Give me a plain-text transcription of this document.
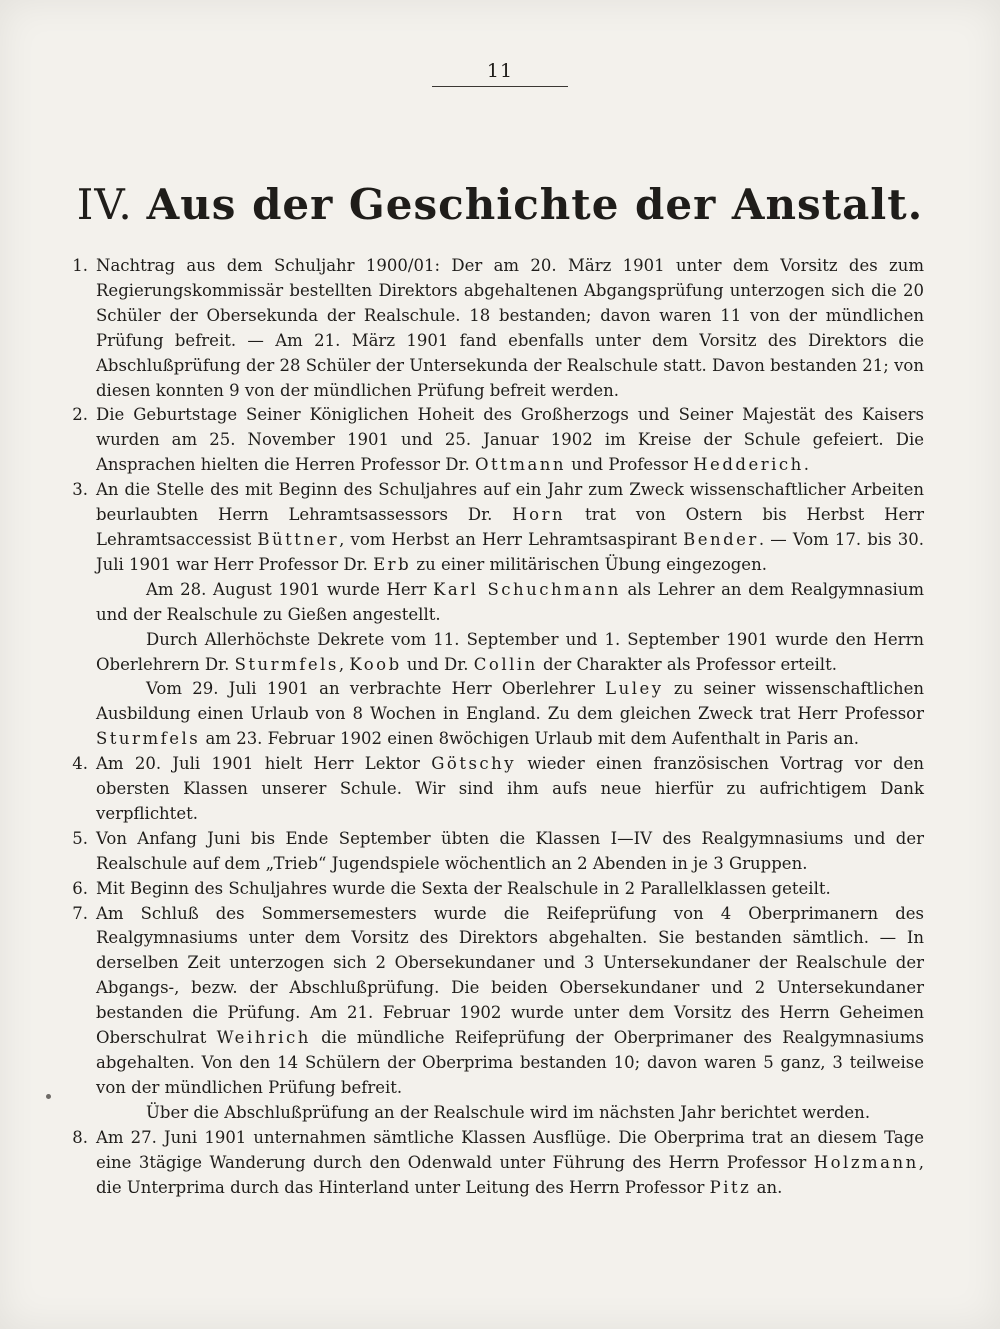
11
IV. Aus der Geschichte der Anstalt.
1. Nachtrag aus dem Schuljahr 1900/01: Der am 20. März 1901 unter dem Vorsitz des zum Regierungskommissär bestellten Direktors abgehaltenen Abgangsprüfung unterzogen sich die 20 Schüler der Obersekunda der Realschule. 18 bestanden; davon waren 11 von der mündlichen Prüfung befreit. — Am 21. März 1901 fand ebenfalls unter dem Vorsitz des Direktors die Abschlußprüfung der 28 Schüler der Untersekunda der Realschule statt. Davon bestanden 21; von diesen konnten 9 von der mündlichen Prüfung befreit werden.
2. Die Geburtstage Seiner Königlichen Hoheit des Großherzogs und Seiner Majestät des Kaisers wurden am 25. November 1901 und 25. Januar 1902 im Kreise der Schule gefeiert. Die Ansprachen hielten die Herren Professor Dr. Ottmann und Professor Hedderich.
3. An die Stelle des mit Beginn des Schuljahres auf ein Jahr zum Zweck wissenschaftlicher Arbeiten beurlaubten Herrn Lehramtsassessors Dr. Horn trat von Ostern bis Herbst Herr Lehramtsaccessist Büttner, vom Herbst an Herr Lehramtsaspirant Bender. — Vom 17. bis 30. Juli 1901 war Herr Professor Dr. Erb zu einer militärischen Übung eingezogen.

Am 28. August 1901 wurde Herr Karl Schuchmann als Lehrer an dem Realgymnasium und der Realschule zu Gießen angestellt.

Durch Allerhöchste Dekrete vom 11. September und 1. September 1901 wurde den Herrn Oberlehrern Dr. Sturmfels, Koob und Dr. Collin der Charakter als Professor erteilt.

Vom 29. Juli 1901 an verbrachte Herr Oberlehrer Luley zu seiner wissenschaftlichen Ausbildung einen Urlaub von 8 Wochen in England. Zu dem gleichen Zweck trat Herr Professor Sturmfels am 23. Februar 1902 einen 8wöchigen Urlaub mit dem Aufenthalt in Paris an.

4. Am 20. Juli 1901 hielt Herr Lektor Götschy wieder einen französischen Vortrag vor den obersten Klassen unserer Schule. Wir sind ihm aufs neue hierfür zu aufrichtigem Dank verpflichtet.
5. Von Anfang Juni bis Ende September übten die Klassen I—IV des Realgymnasiums und der Realschule auf dem „Trieb“ Jugendspiele wöchentlich an 2 Abenden in je 3 Gruppen.
6. Mit Beginn des Schuljahres wurde die Sexta der Realschule in 2 Parallelklassen geteilt.
7. Am Schluß des Sommersemesters wurde die Reifeprüfung von 4 Oberprimanern des Realgymnasiums unter dem Vorsitz des Direktors abgehalten. Sie bestanden sämtlich. — In derselben Zeit unterzogen sich 2 Obersekundaner und 3 Untersekundaner der Realschule der Abgangs-, bezw. der Abschlußprüfung. Die beiden Obersekundaner und 2 Untersekundaner bestanden die Prüfung. Am 21. Februar 1902 wurde unter dem Vorsitz des Herrn Geheimen Oberschulrat Weihrich die mündliche Reifeprüfung der Oberprimaner des Realgymnasiums abgehalten. Von den 14 Schülern der Oberprima bestanden 10; davon waren 5 ganz, 3 teilweise von der mündlichen Prüfung befreit.

Über die Abschlußprüfung an der Realschule wird im nächsten Jahr berichtet werden.

8. Am 27. Juni 1901 unternahmen sämtliche Klassen Ausflüge. Die Oberprima trat an diesem Tage eine 3tägige Wanderung durch den Odenwald unter Führung des Herrn Professor Holzmann, die Unterprima durch das Hinterland unter Leitung des Herrn Professor Pitz an.
